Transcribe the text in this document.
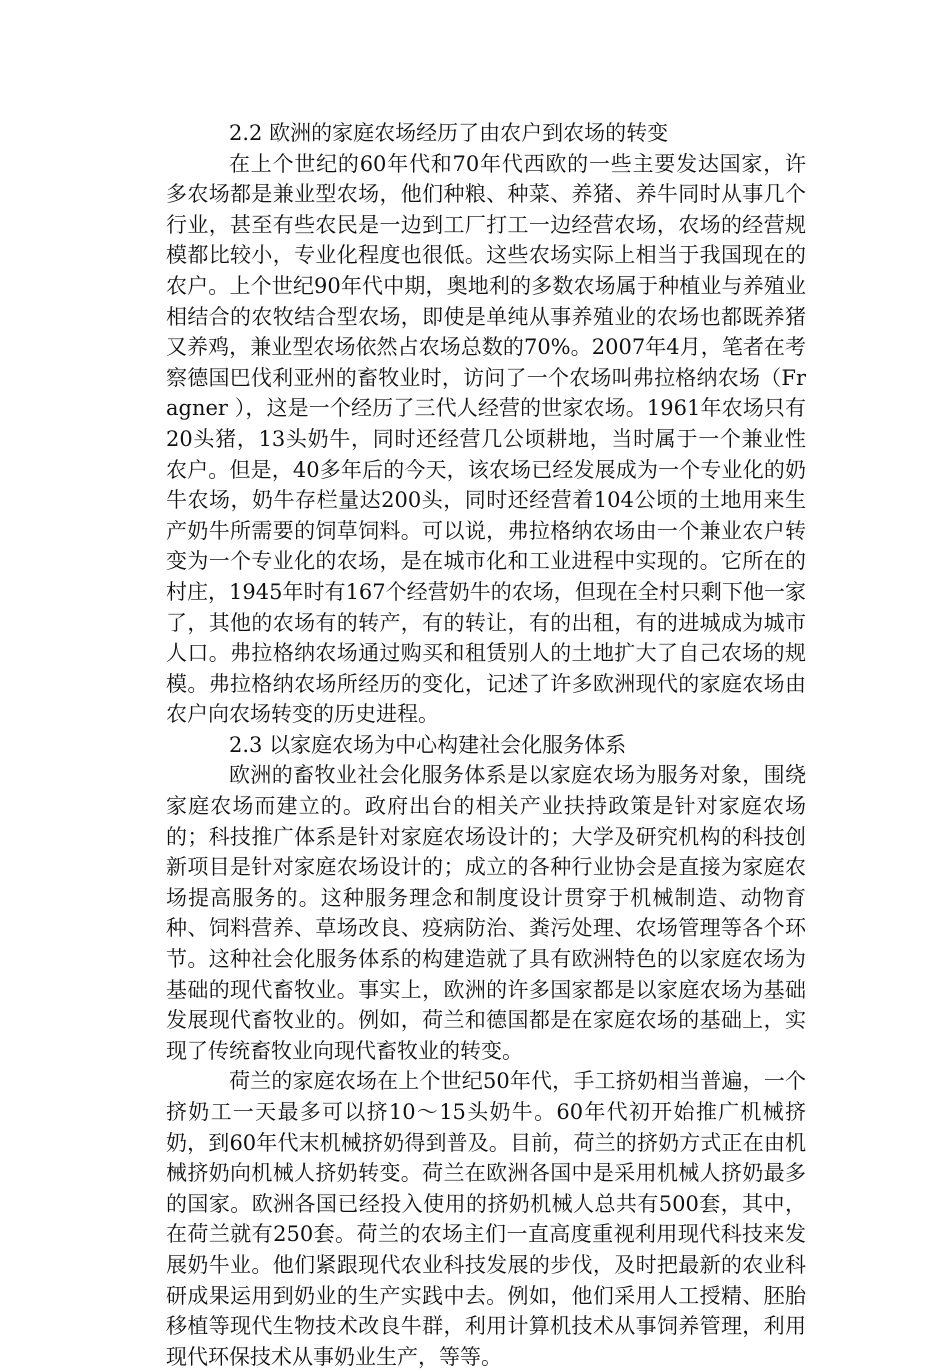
2.2 欧洲的家庭农场经历了由农户到农场的转变

在上个世纪的60年代和70年代西欧的一些主要发达国家，许多农场都是兼业型农场，他们种粮、种菜、养猪、养牛同时从事几个行业，甚至有些农民是一边到工厂打工一边经营农场，农场的经营规模都比较小，专业化程度也很低。这些农场实际上相当于我国现在的农户。上个世纪90年代中期，奥地利的多数农场属于种植业与养殖业相结合的农牧结合型农场，即使是单纯从事养殖业的农场也都既养猪又养鸡，兼业型农场依然占农场总数的70%。2007年4月，笔者在考察德国巴伐利亚州的畜牧业时，访问了一个农场叫弗拉格纳农场（Fragner ），这是一个经历了三代人经营的世家农场。1961年农场只有20头猪，13头奶牛，同时还经营几公顷耕地，当时属于一个兼业性农户。但是，40多年后的今天，该农场已经发展成为一个专业化的奶牛农场，奶牛存栏量达200头，同时还经营着104公顷的土地用来生产奶牛所需要的饲草饲料。可以说，弗拉格纳农场由一个兼业农户转变为一个专业化的农场，是在城市化和工业进程中实现的。它所在的村庄，1945年时有167个经营奶牛的农场，但现在全村只剩下他一家了，其他的农场有的转产，有的转让，有的出租，有的进城成为城市人口。弗拉格纳农场通过购买和租赁别人的土地扩大了自己农场的规模。弗拉格纳农场所经历的变化，记述了许多欧洲现代的家庭农场由农户向农场转变的历史进程。

2.3 以家庭农场为中心构建社会化服务体系

欧洲的畜牧业社会化服务体系是以家庭农场为服务对象，围绕家庭农场而建立的。政府出台的相关产业扶持政策是针对家庭农场的；科技推广体系是针对家庭农场设计的；大学及研究机构的科技创新项目是针对家庭农场设计的；成立的各种行业协会是直接为家庭农场提高服务的。这种服务理念和制度设计贯穿于机械制造、动物育种、饲料营养、草场改良、疫病防治、粪污处理、农场管理等各个环节。这种社会化服务体系的构建造就了具有欧洲特色的以家庭农场为基础的现代畜牧业。事实上，欧洲的许多国家都是以家庭农场为基础发展现代畜牧业的。例如，荷兰和德国都是在家庭农场的基础上，实现了传统畜牧业向现代畜牧业的转变。

荷兰的家庭农场在上个世纪50年代，手工挤奶相当普遍，一个挤奶工一天最多可以挤10～15头奶牛。60年代初开始推广机械挤奶，到60年代末机械挤奶得到普及。目前，荷兰的挤奶方式正在由机械挤奶向机械人挤奶转变。荷兰在欧洲各国中是采用机械人挤奶最多的国家。欧洲各国已经投入使用的挤奶机械人总共有500套，其中，在荷兰就有250套。荷兰的农场主们一直高度重视利用现代科技来发展奶牛业。他们紧跟现代农业科技发展的步伐，及时把最新的农业科研成果运用到奶业的生产实践中去。例如，他们采用人工授精、胚胎移植等现代生物技术改良牛群，利用计算机技术从事饲养管理，利用现代环保技术从事奶业生产，等等。
